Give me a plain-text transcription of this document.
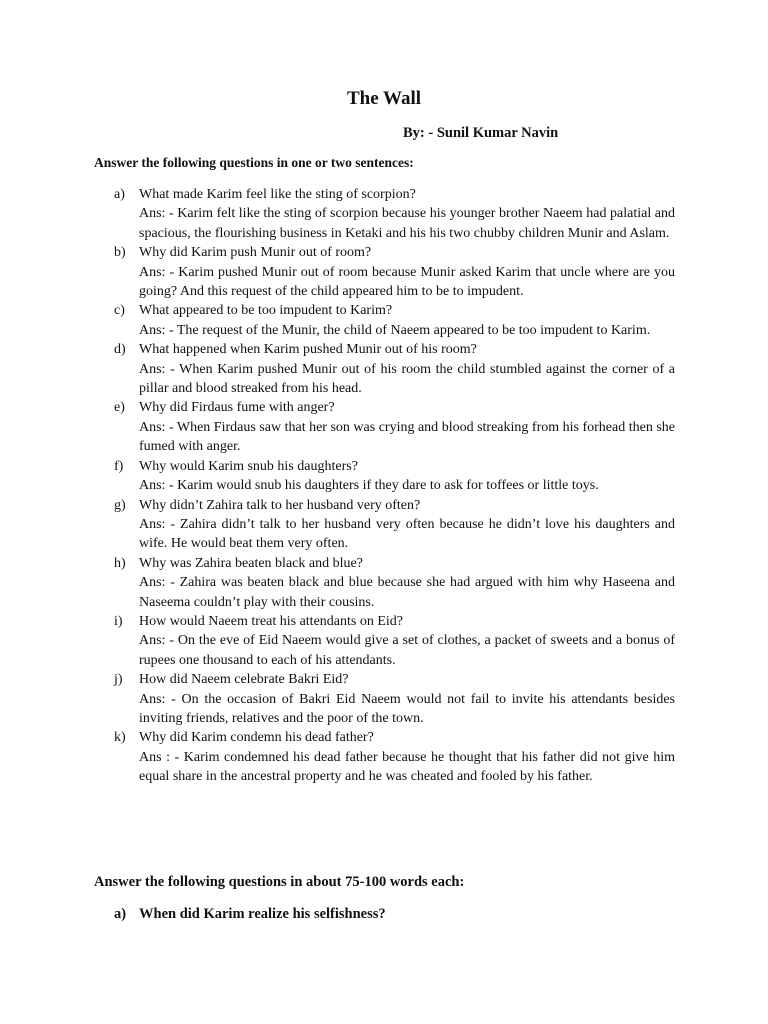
The Wall
By: - Sunil Kumar Navin

Answer the following questions in one or two sentences:

a) What made Karim feel like the sting of scorpion?
Ans: - Karim felt like the sting of scorpion because his younger brother Naeem had palatial and spacious, the flourishing business in Ketaki and his his two chubby children Munir and Aslam.
b) Why did Karim push Munir out of room?
Ans: - Karim pushed Munir out of room because Munir asked Karim that uncle where are you going? And this request of the child appeared him to be to impudent.
c) What appeared to be too impudent to Karim?
Ans: - The request of the Munir, the child of Naeem appeared to be too impudent to Karim.
d) What happened when Karim pushed Munir out of his room?
Ans: - When Karim pushed Munir out of his room the child stumbled against the corner of a pillar and blood streaked from his head.
e) Why did Firdaus fume with anger?
Ans: - When Firdaus saw that her son was crying and blood streaking from his forhead then she fumed with anger.
f) Why would Karim snub his daughters?
Ans: - Karim would snub his daughters if they dare to ask for toffees or little toys.
g) Why didn’t Zahira talk to her husband very often?
Ans: - Zahira didn’t talk to her husband very often because he didn’t love his daughters and wife. He would beat them very often.
h) Why was Zahira beaten black and blue?
Ans: - Zahira was beaten black and blue because she had argued with him why Haseena and Naseema couldn’t play with their cousins.
i) How would Naeem treat his attendants on Eid?
Ans: - On the eve of Eid Naeem would give a set of clothes, a packet of sweets and a bonus of rupees one thousand to each of his attendants.
j) How did Naeem celebrate Bakri Eid?
Ans: - On the occasion of Bakri Eid Naeem would not fail to invite his attendants besides inviting friends, relatives and the poor of the town.
k) Why did Karim condemn his dead father?
Ans : - Karim condemned his dead father because he thought that his father did not give him equal share in the ancestral property and he was cheated and fooled by his father.

Answer the following questions in about 75-100 words each:

a) When did Karim realize his selfishness?
